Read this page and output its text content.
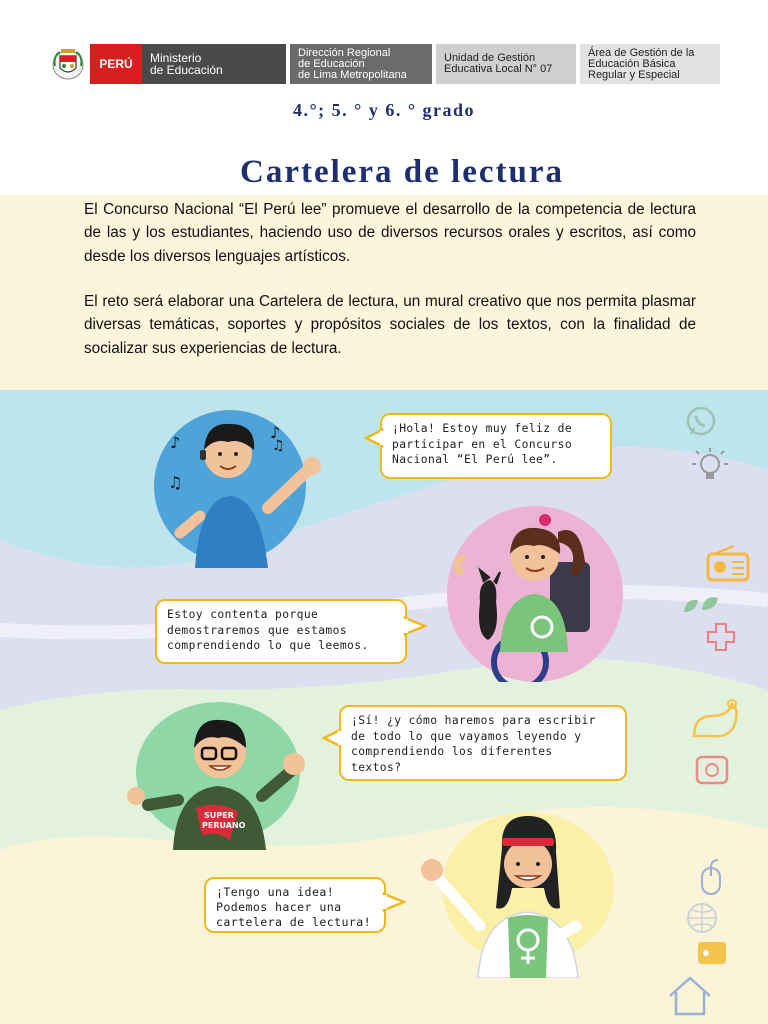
PERÚ	Ministerio
de Educación
Dirección Regional
de Educación
de Lima Metropolitana
Unidad de Gestión
Educativa Local N° 07
Área de Gestión de la
Educación Básica
Regular y Especial
4.°; 5. ° y 6. ° grado
Cartelera de lectura

El Concurso Nacional “El Perú lee” promueve el desarrollo de la competencia de lectura de las y los estudiantes, haciendo uso de diversos recursos orales y escritos, así como desde los diversos lenguajes artísticos.

El reto será elaborar una Cartelera de lectura, un mural creativo que nos permita plasmar diversas temáticas, soportes y propósitos sociales de los textos, con la finalidad de socializar sus experiencias de lectura.

♪
♪
♫
♫
¡Hola! Estoy muy feliz de
participar en el Concurso
Nacional “El Perú lee”.
Estoy contenta porque
demostraremos que estamos
comprendiendo lo que leemos.
SUPER
PERUANO
¡Sí! ¿y cómo haremos para escribir
de todo lo que vayamos leyendo y
comprendiendo los diferentes
textos?
¡Tengo una idea!
Podemos hacer una
cartelera de lectura!
